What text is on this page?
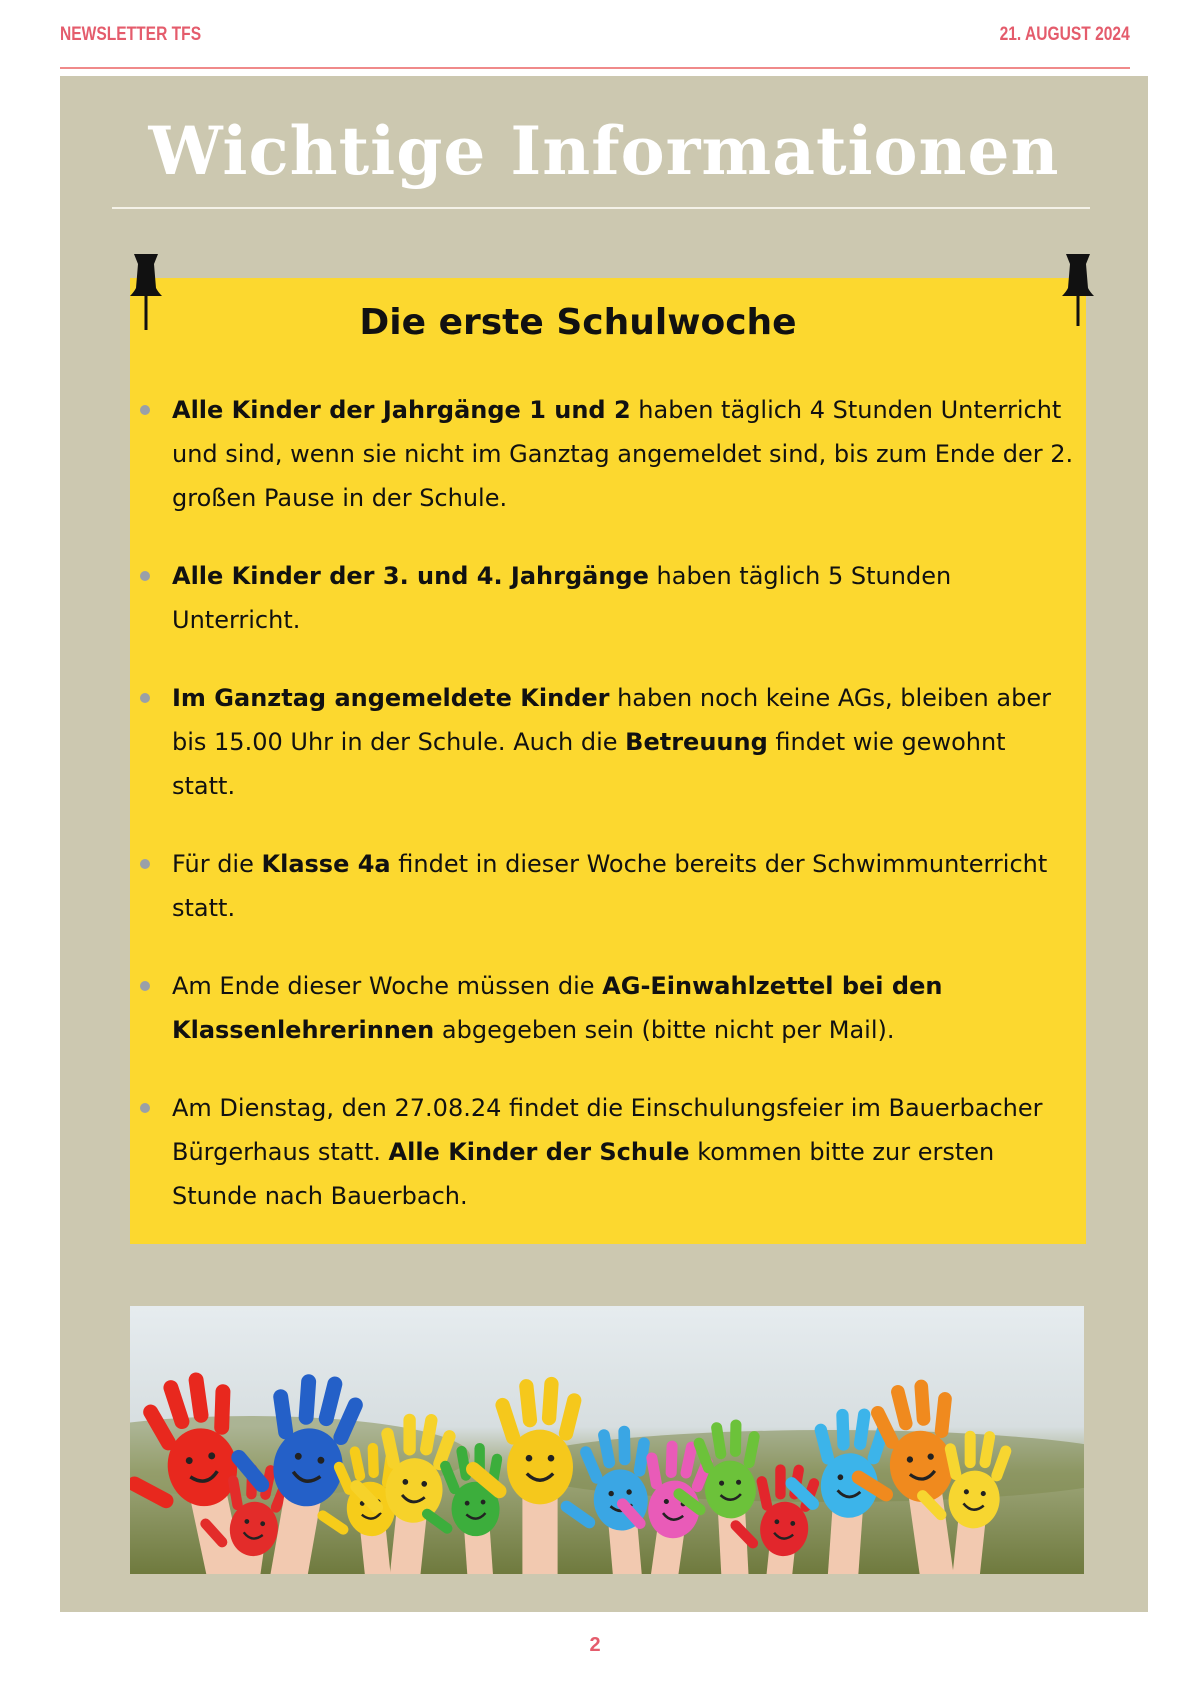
NEWSLETTER TFS	21. AUGUST 2024
Wichtige Informationen
Die erste Schulwoche
Alle Kinder der Jahrgänge 1 und 2 haben täglich 4 Stunden Unterricht und sind, wenn sie nicht im Ganztag angemeldet sind, bis zum Ende der 2. großen Pause in der Schule.
Alle Kinder der 3. und 4. Jahrgänge haben täglich 5 Stunden Unterricht.
Im Ganztag angemeldete Kinder haben noch keine AGs, bleiben aber bis 15.00 Uhr in der Schule. Auch die Betreuung findet wie gewohnt statt.
Für die Klasse 4a findet in dieser Woche bereits der Schwimmunterricht statt.
Am Ende dieser Woche müssen die AG-Einwahlzettel bei den Klassenlehrerinnen abgegeben sein (bitte nicht per Mail).
Am Dienstag, den 27.08.24 findet die Einschulungsfeier im Bauerbacher Bürgerhaus statt. Alle Kinder der Schule kommen bitte zur ersten Stunde nach Bauerbach.
2
